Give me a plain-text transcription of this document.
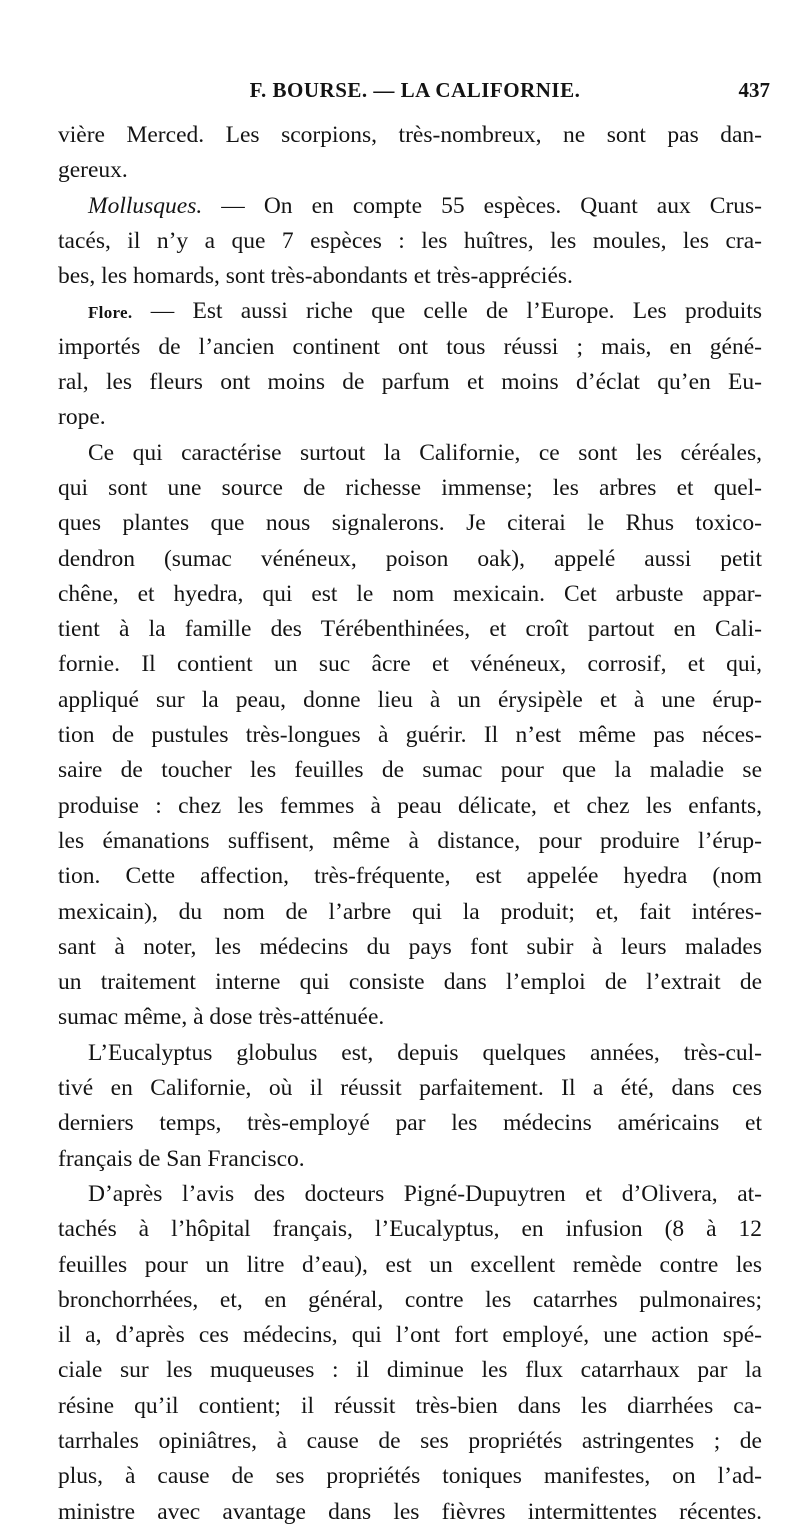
F. BOURSE. — LA CALIFORNIE.	437
vière Merced. Les scorpions, très-nombreux, ne sont pas dan-
gereux.
Mollusques. — On en compte 55 espèces. Quant aux Crus-
tacés, il n’y a que 7 espèces : les huîtres, les moules, les cra-
bes, les homards, sont très-abondants et très-appréciés.
Flore. — Est aussi riche que celle de l’Europe. Les produits
importés de l’ancien continent ont tous réussi ; mais, en géné-
ral, les fleurs ont moins de parfum et moins d’éclat qu’en Eu-
rope.
Ce qui caractérise surtout la Californie, ce sont les céréales,
qui sont une source de richesse immense; les arbres et quel-
ques plantes que nous signalerons. Je citerai le Rhus toxico-
dendron (sumac vénéneux, poison oak), appelé aussi petit
chêne, et hyedra, qui est le nom mexicain. Cet arbuste appar-
tient à la famille des Térébenthinées, et croît partout en Cali-
fornie. Il contient un suc âcre et vénéneux, corrosif, et qui,
appliqué sur la peau, donne lieu à un érysipèle et à une érup-
tion de pustules très-longues à guérir. Il n’est même pas néces-
saire de toucher les feuilles de sumac pour que la maladie se
produise : chez les femmes à peau délicate, et chez les enfants,
les émanations suffisent, même à distance, pour produire l’érup-
tion. Cette affection, très-fréquente, est appelée hyedra (nom
mexicain), du nom de l’arbre qui la produit; et, fait intéres-
sant à noter, les médecins du pays font subir à leurs malades
un traitement interne qui consiste dans l’emploi de l’extrait de
sumac même, à dose très-atténuée.
L’Eucalyptus globulus est, depuis quelques années, très-cul-
tivé en Californie, où il réussit parfaitement. Il a été, dans ces
derniers temps, très-employé par les médecins américains et
français de San Francisco.
D’après l’avis des docteurs Pigné-Dupuytren et d’Olivera, at-
tachés à l’hôpital français, l’Eucalyptus, en infusion (8 à 12
feuilles pour un litre d’eau), est un excellent remède contre les
bronchorrhées, et, en général, contre les catarrhes pulmonaires;
il a, d’après ces médecins, qui l’ont fort employé, une action spé-
ciale sur les muqueuses : il diminue les flux catarrhaux par la
résine qu’il contient; il réussit très-bien dans les diarrhées ca-
tarrhales opiniâtres, à cause de ses propriétés astringentes ; de
plus, à cause de ses propriétés toniques manifestes, on l’ad-
ministre avec avantage dans les fièvres intermittentes récentes.
